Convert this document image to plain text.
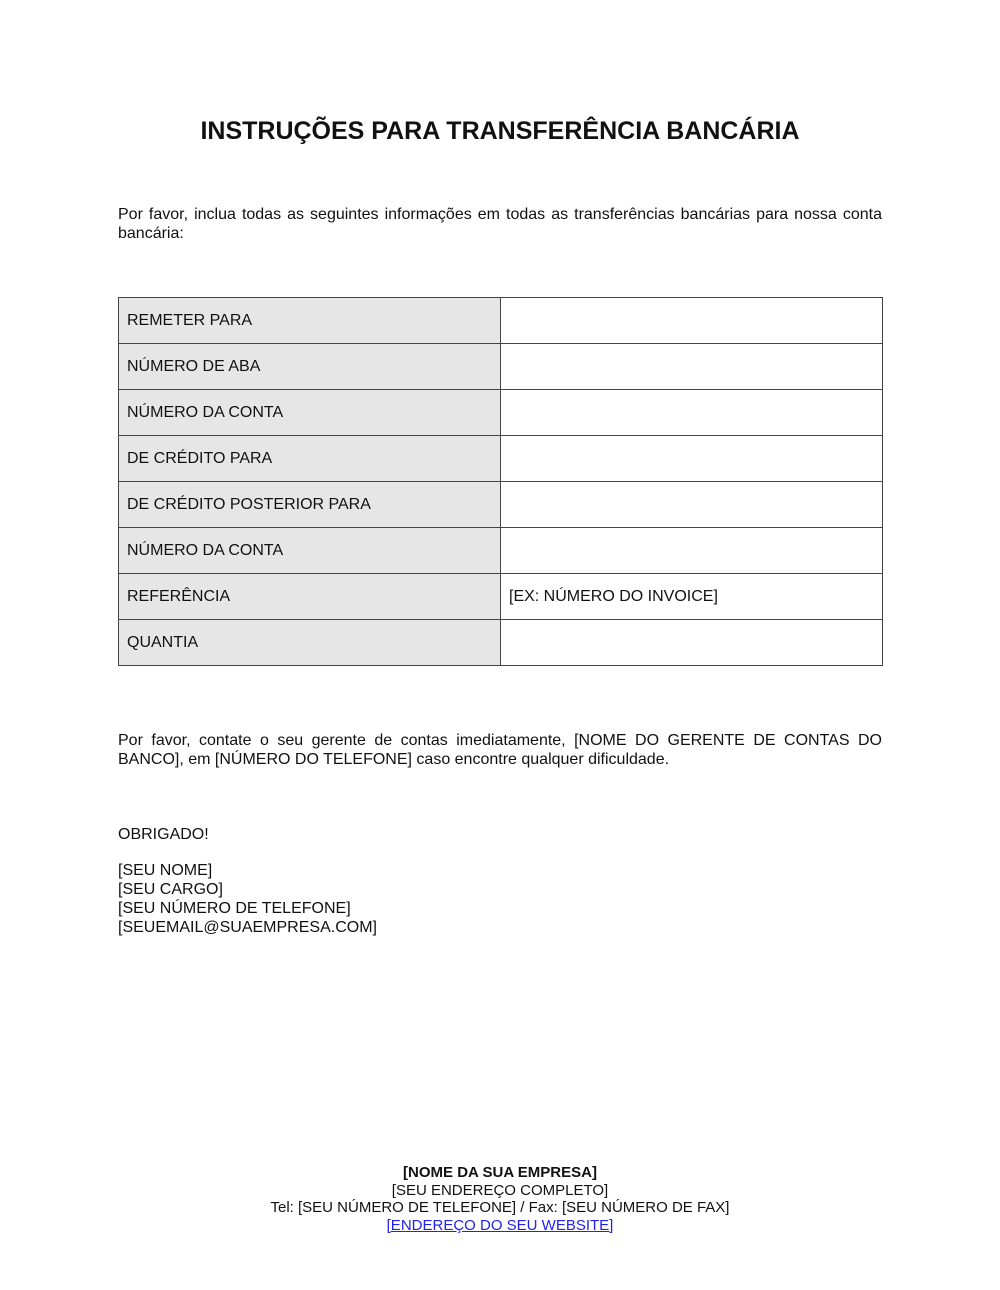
INSTRUÇÕES PARA TRANSFERÊNCIA BANCÁRIA
Por favor, inclua todas as seguintes informações em todas as transferências bancárias para nossa conta bancária:
REMETER PARA	
NÚMERO DE ABA	
NÚMERO DA CONTA	
DE CRÉDITO PARA	
DE CRÉDITO POSTERIOR PARA	
NÚMERO DA CONTA	
REFERÊNCIA	[EX: NÚMERO DO INVOICE]
QUANTIA	
Por favor, contate o seu gerente de contas imediatamente, [NOME DO GERENTE DE CONTAS DO BANCO], em [NÚMERO DO TELEFONE] caso encontre qualquer dificuldade.
OBRIGADO!
[SEU NOME]
[SEU CARGO]
[SEU NÚMERO DE TELEFONE]
[SEUEMAIL@SUAEMPRESA.COM]
[NOME DA SUA EMPRESA]
[SEU ENDEREÇO COMPLETO]
Tel: [SEU NÚMERO DE TELEFONE] / Fax: [SEU NÚMERO DE FAX]
[ENDEREÇO DO SEU WEBSITE]
